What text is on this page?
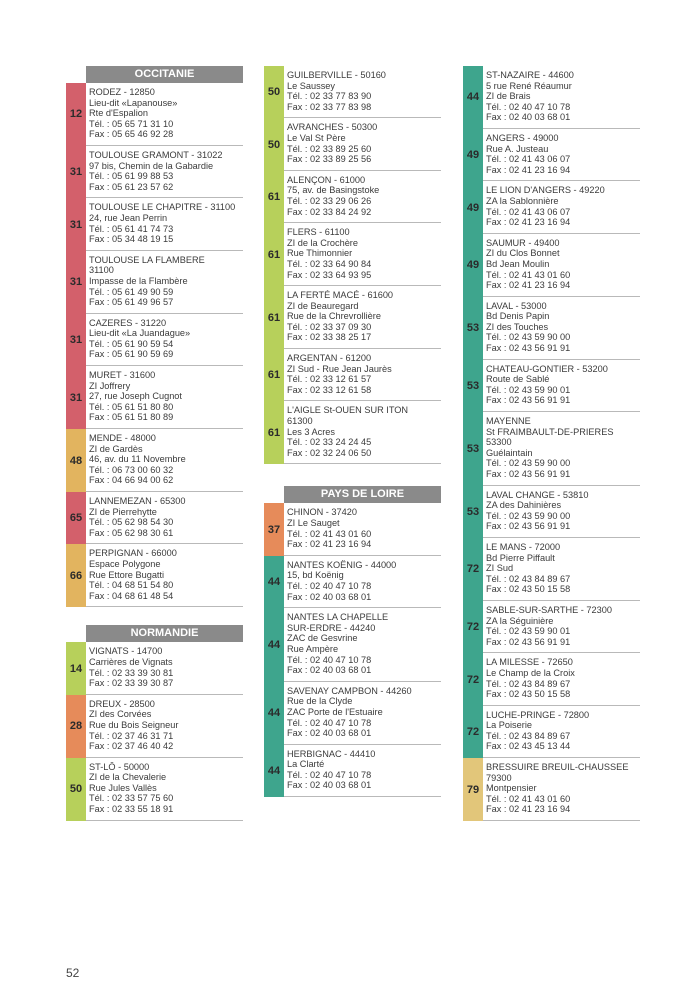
OCCITANIE
12
RODEZ - 12850
Lieu-dit «Lapanouse»
Rte d'Espalion
Tél. : 05 65 71 31 10
Fax : 05 65 46 92 28
31
TOULOUSE GRAMONT - 31022
97 bis, Chemin de la Gabardie
Tél. : 05 61 99 88 53
Fax : 05 61 23 57 62
31
TOULOUSE LE CHAPITRE - 31100
24, rue Jean Perrin
Tél. : 05 61 41 74 73
Fax : 05 34 48 19 15
31
TOULOUSE LA FLAMBERE
31100
Impasse de la Flambère
Tél. : 05 61 49 90 59
Fax : 05 61 49 96 57
31
CAZERES - 31220
Lieu-dit «La Juandague»
Tél. : 05 61 90 59 54
Fax : 05 61 90 59 69
31
MURET - 31600
ZI Joffrery
27, rue Joseph Cugnot
Tél. : 05 61 51 80 80
Fax : 05 61 51 80 89
48
MENDE - 48000
ZI de Gardès
46, av. du 11 Novembre
Tél. : 06 73 00 60 32
Fax : 04 66 94 00 62
65
LANNEMEZAN - 65300
ZI de Pierrehytte
Tél. : 05 62 98 54 30
Fax : 05 62 98 30 61
66
PERPIGNAN - 66000
Espace Polygone
Rue Ettore Bugatti
Tél. : 04 68 51 54 80
Fax : 04 68 61 48 54
NORMANDIE
14
VIGNATS - 14700
Carrières de Vignats
Tél. : 02 33 39 30 81
Fax : 02 33 39 30 87
28
DREUX - 28500
ZI des Corvées
Rue du Bois Seigneur
Tél. : 02 37 46 31 71
Fax : 02 37 46 40 42
50
ST-LÔ - 50000
ZI de la Chevalerie
Rue Jules Vallès
Tél. : 02 33 57 75 60
Fax : 02 33 55 18 91
50
GUILBERVILLE - 50160
Le Saussey
Tél. : 02 33 77 83 90
Fax : 02 33 77 83 98
50
AVRANCHES - 50300
Le Val St Père
Tél. : 02 33 89 25 60
Fax : 02 33 89 25 56
61
ALENÇON - 61000
75, av. de Basingstoke
Tél. : 02 33 29 06 26
Fax : 02 33 84 24 92
61
FLERS - 61100
ZI de la Crochère
Rue Thimonnier
Tél. : 02 33 64 90 84
Fax : 02 33 64 93 95
61
LA FERTÉ MACÉ - 61600
ZI de Beauregard
Rue de la Chrevrollière
Tél. : 02 33 37 09 30
Fax : 02 33 38 25 17
61
ARGENTAN - 61200
ZI Sud - Rue Jean Jaurès
Tél. : 02 33 12 61 57
Fax : 02 33 12 61 58
61
L'AIGLE St-OUEN SUR ITON
61300
Les 3 Acres
Tél. : 02 33 24 24 45
Fax : 02 32 24 06 50
PAYS DE LOIRE
37
CHINON - 37420
ZI Le Sauget
Tél. : 02 41 43 01 60
Fax : 02 41 23 16 94
44
NANTES KOËNIG - 44000
15, bd Koënig
Tél. : 02 40 47 10 78
Fax : 02 40 03 68 01
44
NANTES LA CHAPELLE
SUR-ERDRE - 44240
ZAC de Gesvrine
Rue Ampère
Tél. : 02 40 47 10 78
Fax : 02 40 03 68 01
44
SAVENAY CAMPBON - 44260
Rue de la Clyde
ZAC Porte de l'Estuaire
Tél. : 02 40 47 10 78
Fax : 02 40 03 68 01
44
HERBIGNAC - 44410
La Clarté
Tél. : 02 40 47 10 78
Fax : 02 40 03 68 01
44
ST-NAZAIRE - 44600
5 rue René Réaumur
ZI de Brais
Tél. : 02 40 47 10 78
Fax : 02 40 03 68 01
49
ANGERS - 49000
Rue A. Justeau
Tél. : 02 41 43 06 07
Fax : 02 41 23 16 94
49
LE LION D'ANGERS - 49220
ZA la Sablonnière
Tél. : 02 41 43 06 07
Fax : 02 41 23 16 94
49
SAUMUR - 49400
ZI du Clos Bonnet
Bd Jean Moulin
Tél. : 02 41 43 01 60
Fax : 02 41 23 16 94
53
LAVAL - 53000
Bd Denis Papin
ZI des Touches
Tél. : 02 43 59 90 00
Fax : 02 43 56 91 91
53
CHATEAU-GONTIER - 53200
Route de Sablé
Tél. : 02 43 59 90 01
Fax : 02 43 56 91 91
53
MAYENNE
St FRAIMBAULT-DE-PRIERES
53300
Guélaintain
Tél. : 02 43 59 90 00
Fax : 02 43 56 91 91
53
LAVAL CHANGE - 53810
ZA des Dahinières
Tél. : 02 43 59 90 00
Fax : 02 43 56 91 91
72
LE MANS - 72000
Bd Pierre Piffault
ZI Sud
Tél. : 02 43 84 89 67
Fax : 02 43 50 15 58
72
SABLE-SUR-SARTHE - 72300
ZA la Séguinière
Tél. : 02 43 59 90 01
Fax : 02 43 56 91 91
72
LA MILESSE - 72650
Le Champ de la Croix
Tél. : 02 43 84 89 67
Fax : 02 43 50 15 58
72
LUCHE-PRINGE - 72800
La Poiserie
Tél. : 02 43 84 89 67
Fax : 02 43 45 13 44
79
BRESSUIRE BREUIL-CHAUSSEE
79300
Montpensier
Tél. : 02 41 43 01 60
Fax : 02 41 23 16 94
52
